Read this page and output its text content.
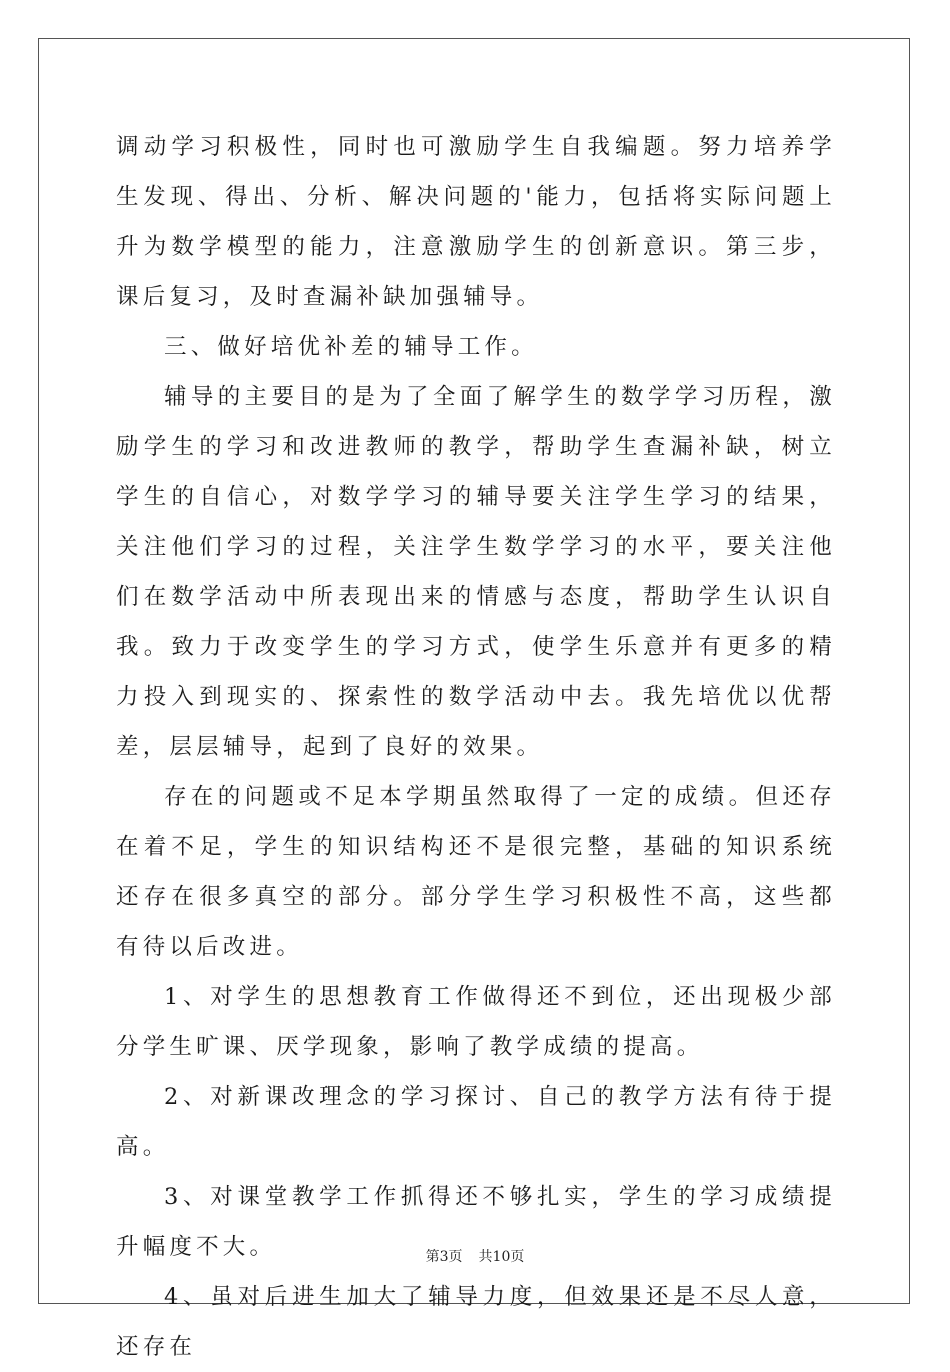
调动学习积极性，同时也可激励学生自我编题。努力培养学生发现、得出、分析、解决问题的'能力，包括将实际问题上升为数学模型的能力，注意激励学生的创新意识。第三步，课后复习，及时查漏补缺加强辅导。

三、做好培优补差的辅导工作。

辅导的主要目的是为了全面了解学生的数学学习历程，激励学生的学习和改进教师的教学，帮助学生查漏补缺，树立学生的自信心，对数学学习的辅导要关注学生学习的结果，关注他们学习的过程，关注学生数学学习的水平，要关注他们在数学活动中所表现出来的情感与态度，帮助学生认识自我。致力于改变学生的学习方式，使学生乐意并有更多的精力投入到现实的、探索性的数学活动中去。我先培优以优帮差，层层辅导，起到了良好的效果。

存在的问题或不足本学期虽然取得了一定的成绩。但还存在着不足，学生的知识结构还不是很完整，基础的知识系统还存在很多真空的部分。部分学生学习积极性不高，这些都有待以后改进。

1、对学生的思想教育工作做得还不到位，还出现极少部分学生旷课、厌学现象，影响了教学成绩的提高。

2、对新课改理念的学习探讨、自己的教学方法有待于提高。

3、对课堂教学工作抓得还不够扎实，学生的学习成绩提升幅度不大。

4、虽对后进生加大了辅导力度，但效果还是不尽人意，还存在

第3页 共10页
